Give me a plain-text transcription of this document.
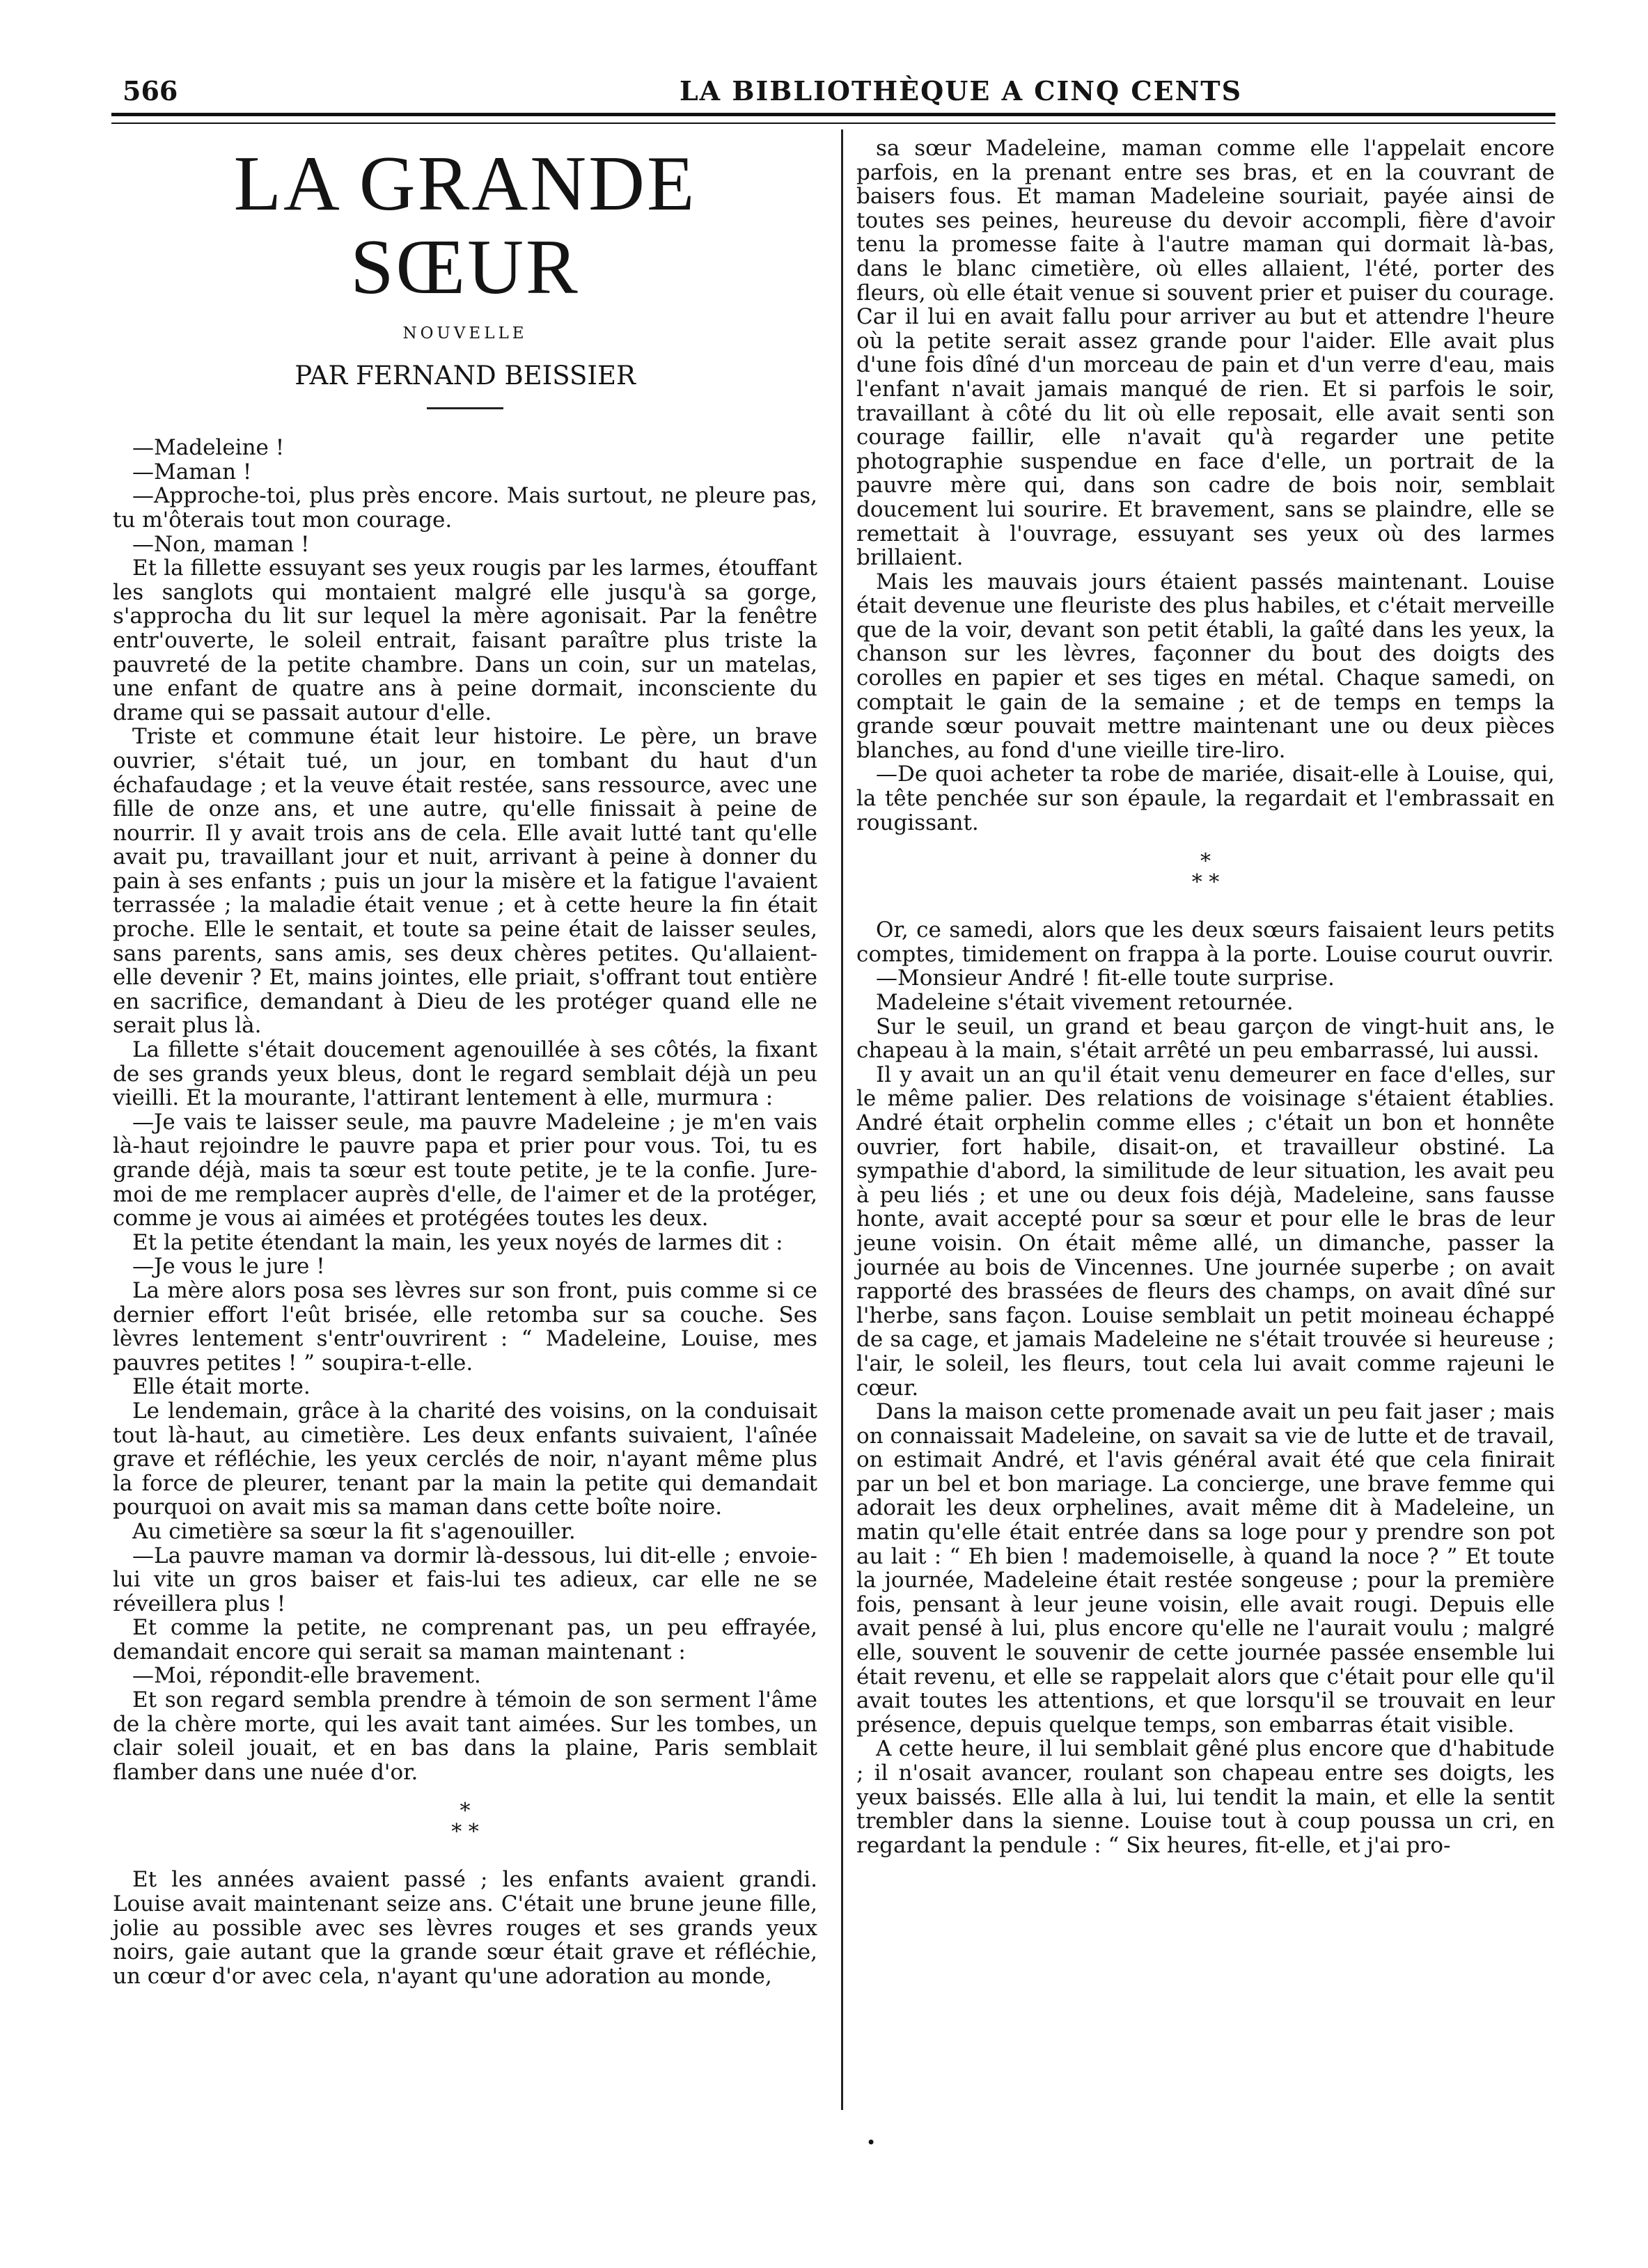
566	LA BIBLIOTHÈQUE A CINQ CENTS
LA GRANDE SŒUR
NOUVELLE
PAR FERNAND BEISSIER

—Madeleine !

—Maman !

—Approche-toi, plus près encore. Mais surtout, ne pleure pas, tu m'ôterais tout mon courage.

—Non, maman !

Et la fillette essuyant ses yeux rougis par les larmes, étouffant les sanglots qui montaient malgré elle jusqu'à sa gorge, s'approcha du lit sur lequel la mère agonisait. Par la fenêtre entr'ouverte, le soleil entrait, faisant paraître plus triste la pauvreté de la petite chambre. Dans un coin, sur un matelas, une enfant de quatre ans à peine dormait, inconsciente du drame qui se passait autour d'elle.

Triste et commune était leur histoire. Le père, un brave ouvrier, s'était tué, un jour, en tombant du haut d'un échafaudage ; et la veuve était restée, sans ressource, avec une fille de onze ans, et une autre, qu'elle finissait à peine de nourrir. Il y avait trois ans de cela. Elle avait lutté tant qu'elle avait pu, travaillant jour et nuit, arrivant à peine à donner du pain à ses enfants ; puis un jour la misère et la fatigue l'avaient terrassée ; la maladie était venue ; et à cette heure la fin était proche. Elle le sentait, et toute sa peine était de laisser seules, sans parents, sans amis, ses deux chères petites. Qu'allaient-elle devenir ? Et, mains jointes, elle priait, s'offrant tout entière en sacrifice, demandant à Dieu de les protéger quand elle ne serait plus là.

La fillette s'était doucement agenouillée à ses côtés, la fixant de ses grands yeux bleus, dont le regard semblait déjà un peu vieilli. Et la mourante, l'attirant lentement à elle, murmura :

—Je vais te laisser seule, ma pauvre Madeleine ; je m'en vais là-haut rejoindre le pauvre papa et prier pour vous. Toi, tu es grande déjà, mais ta sœur est toute petite, je te la confie. Jure-moi de me remplacer auprès d'elle, de l'aimer et de la protéger, comme je vous ai aimées et protégées toutes les deux.

Et la petite étendant la main, les yeux noyés de larmes dit :

—Je vous le jure !

La mère alors posa ses lèvres sur son front, puis comme si ce dernier effort l'eût brisée, elle retomba sur sa couche. Ses lèvres lentement s'entr'ouvrirent : “ Madeleine, Louise, mes pauvres petites ! ” soupira-t-elle.

Elle était morte.

Le lendemain, grâce à la charité des voisins, on la conduisait tout là-haut, au cimetière. Les deux enfants suivaient, l'aînée grave et réfléchie, les yeux cerclés de noir, n'ayant même plus la force de pleurer, tenant par la main la petite qui demandait pourquoi on avait mis sa maman dans cette boîte noire.

Au cimetière sa sœur la fit s'agenouiller.

—La pauvre maman va dormir là-dessous, lui dit-elle ; envoie-lui vite un gros baiser et fais-lui tes adieux, car elle ne se réveillera plus !

Et comme la petite, ne comprenant pas, un peu effrayée, demandait encore qui serait sa maman maintenant :

—Moi, répondit-elle bravement.

Et son regard sembla prendre à témoin de son serment l'âme de la chère morte, qui les avait tant aimées. Sur les tombes, un clair soleil jouait, et en bas dans la plaine, Paris semblait flamber dans une nuée d'or.

*
* *

Et les années avaient passé ; les enfants avaient grandi. Louise avait maintenant seize ans. C'était une brune jeune fille, jolie au possible avec ses lèvres rouges et ses grands yeux noirs, gaie autant que la grande sœur était grave et réfléchie, un cœur d'or avec cela, n'ayant qu'une adoration au monde,

sa sœur Madeleine, maman comme elle l'appelait encore parfois, en la prenant entre ses bras, et en la couvrant de baisers fous. Et maman Madeleine souriait, payée ainsi de toutes ses peines, heureuse du devoir accompli, fière d'avoir tenu la promesse faite à l'autre maman qui dormait là-bas, dans le blanc cimetière, où elles allaient, l'été, porter des fleurs, où elle était venue si souvent prier et puiser du courage. Car il lui en avait fallu pour arriver au but et attendre l'heure où la petite serait assez grande pour l'aider. Elle avait plus d'une fois dîné d'un morceau de pain et d'un verre d'eau, mais l'enfant n'avait jamais manqué de rien. Et si parfois le soir, travaillant à côté du lit où elle reposait, elle avait senti son courage faillir, elle n'avait qu'à regarder une petite photographie suspendue en face d'elle, un portrait de la pauvre mère qui, dans son cadre de bois noir, semblait doucement lui sourire. Et bravement, sans se plaindre, elle se remettait à l'ouvrage, essuyant ses yeux où des larmes brillaient.

Mais les mauvais jours étaient passés maintenant. Louise était devenue une fleuriste des plus habiles, et c'était merveille que de la voir, devant son petit établi, la gaîté dans les yeux, la chanson sur les lèvres, façonner du bout des doigts des corolles en papier et ses tiges en métal. Chaque samedi, on comptait le gain de la semaine ; et de temps en temps la grande sœur pouvait mettre maintenant une ou deux pièces blanches, au fond d'une vieille tire-liro.

—De quoi acheter ta robe de mariée, disait-elle à Louise, qui, la tête penchée sur son épaule, la regardait et l'embrassait en rougissant.

*
* *

Or, ce samedi, alors que les deux sœurs faisaient leurs petits comptes, timidement on frappa à la porte. Louise courut ouvrir.

—Monsieur André ! fit-elle toute surprise.

Madeleine s'était vivement retournée.

Sur le seuil, un grand et beau garçon de vingt-huit ans, le chapeau à la main, s'était arrêté un peu embarrassé, lui aussi.

Il y avait un an qu'il était venu demeurer en face d'elles, sur le même palier. Des relations de voisinage s'étaient établies. André était orphelin comme elles ; c'était un bon et honnête ouvrier, fort habile, disait-on, et travailleur obstiné. La sympathie d'abord, la similitude de leur situation, les avait peu à peu liés ; et une ou deux fois déjà, Madeleine, sans fausse honte, avait accepté pour sa sœur et pour elle le bras de leur jeune voisin. On était même allé, un dimanche, passer la journée au bois de Vincennes. Une journée superbe ; on avait rapporté des brassées de fleurs des champs, on avait dîné sur l'herbe, sans façon. Louise semblait un petit moineau échappé de sa cage, et jamais Madeleine ne s'était trouvée si heureuse ; l'air, le soleil, les fleurs, tout cela lui avait comme rajeuni le cœur.

Dans la maison cette promenade avait un peu fait jaser ; mais on connaissait Madeleine, on savait sa vie de lutte et de travail, on estimait André, et l'avis général avait été que cela finirait par un bel et bon mariage. La concierge, une brave femme qui adorait les deux orphelines, avait même dit à Madeleine, un matin qu'elle était entrée dans sa loge pour y prendre son pot au lait : “ Eh bien ! mademoiselle, à quand la noce ? ” Et toute la journée, Madeleine était restée songeuse ; pour la première fois, pensant à leur jeune voisin, elle avait rougi. Depuis elle avait pensé à lui, plus encore qu'elle ne l'aurait voulu ; malgré elle, souvent le souvenir de cette journée passée ensemble lui était revenu, et elle se rappelait alors que c'était pour elle qu'il avait toutes les attentions, et que lorsqu'il se trouvait en leur présence, depuis quelque temps, son embarras était visible.

A cette heure, il lui semblait gêné plus encore que d'habitude ; il n'osait avancer, roulant son chapeau entre ses doigts, les yeux baissés. Elle alla à lui, lui tendit la main, et elle la sentit trembler dans la sienne. Louise tout à coup poussa un cri, en regardant la pendule : “ Six heures, fit-elle, et j'ai pro-

•
